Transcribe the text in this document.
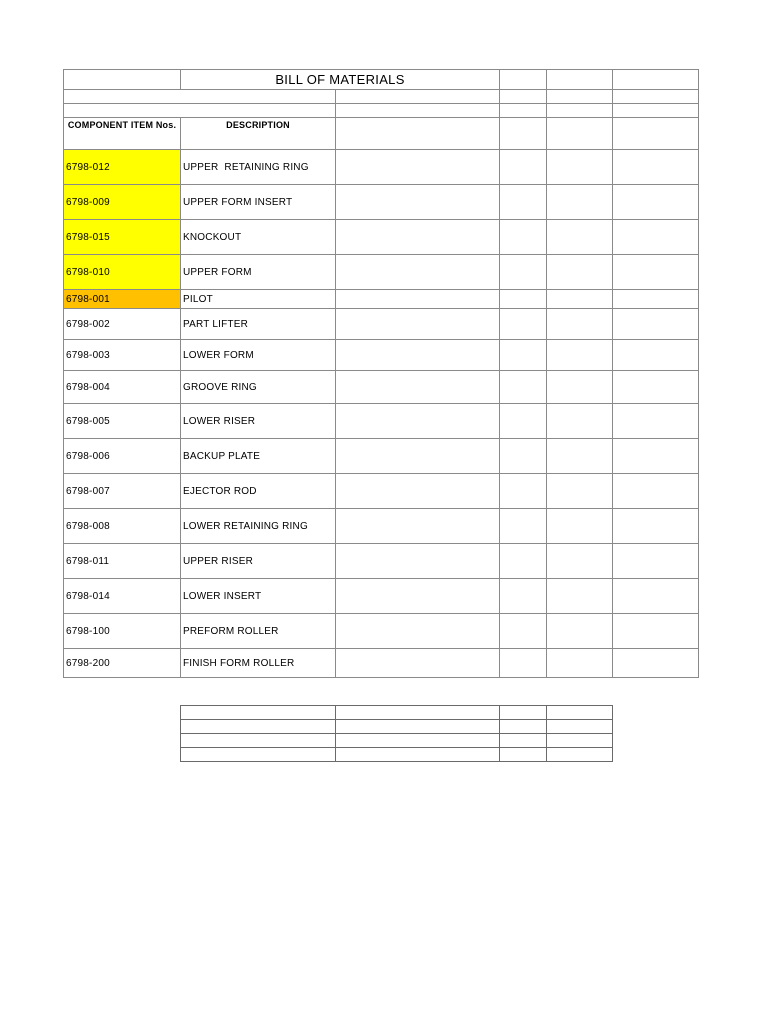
	BILL OF MATERIALS				

COMPONENT ITEM Nos.	DESCRIPTION				
6798-012	UPPER  RETAINING RING				
6798-009	UPPER FORM INSERT				
6798-015	KNOCKOUT				
6798-010	UPPER FORM				
6798-001	PILOT				
6798-002	PART LIFTER				
6798-003	LOWER FORM				
6798-004	GROOVE RING				
6798-005	LOWER RISER				
6798-006	BACKUP PLATE				
6798-007	EJECTOR ROD				
6798-008	LOWER RETAINING RING				
6798-011	UPPER RISER				
6798-014	LOWER INSERT				
6798-100	PREFORM ROLLER				
6798-200	FINISH FORM ROLLER				
